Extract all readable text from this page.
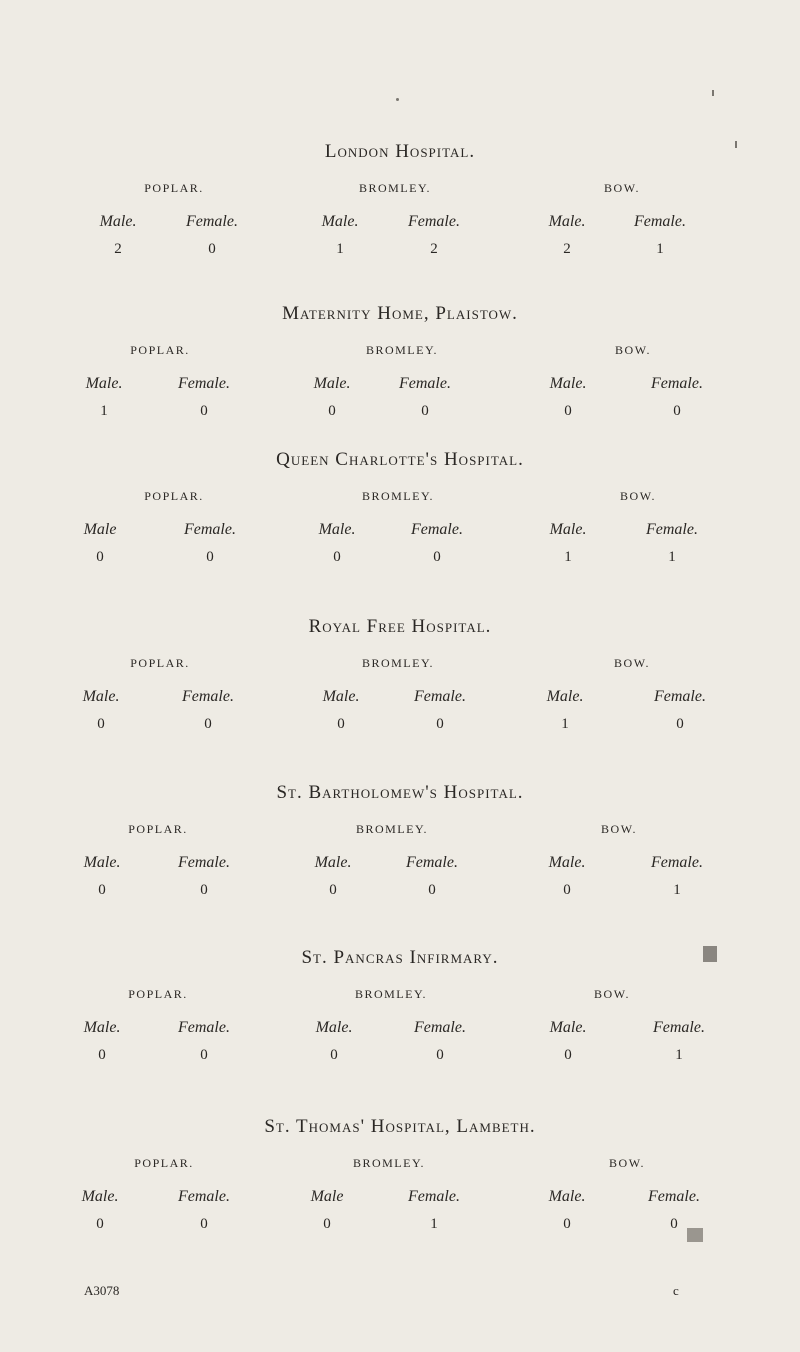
London Hospital.
POPLAR.	BROMLEY.	BOW.
Male.	Female.	Male.	Female.	Male.	Female.
2	0	1	2	2	1
Maternity Home, Plaistow.
POPLAR.	BROMLEY.	BOW.
Male.	Female.	Male.	Female.	Male.	Female.
1	0	0	0	0	0
Queen Charlotte's Hospital.
POPLAR.	BROMLEY.	BOW.
Male	Female.	Male.	Female.	Male.	Female.
0	0	0	0	1	1
Royal Free Hospital.
POPLAR.	BROMLEY.	BOW.
Male.	Female.	Male.	Female.	Male.	Female.
0	0	0	0	1	0
St. Bartholomew's Hospital.
POPLAR.	BROMLEY.	BOW.
Male.	Female.	Male.	Female.	Male.	Female.
0	0	0	0	0	1
St. Pancras Infirmary.
POPLAR.	BROMLEY.	BOW.
Male.	Female.	Male.	Female.	Male.	Female.
0	0	0	0	0	1
St. Thomas' Hospital, Lambeth.
POPLAR.	BROMLEY.	BOW.
Male.	Female.	Male	Female.	Male.	Female.
0	0	0	1	0	0
A3078	c
